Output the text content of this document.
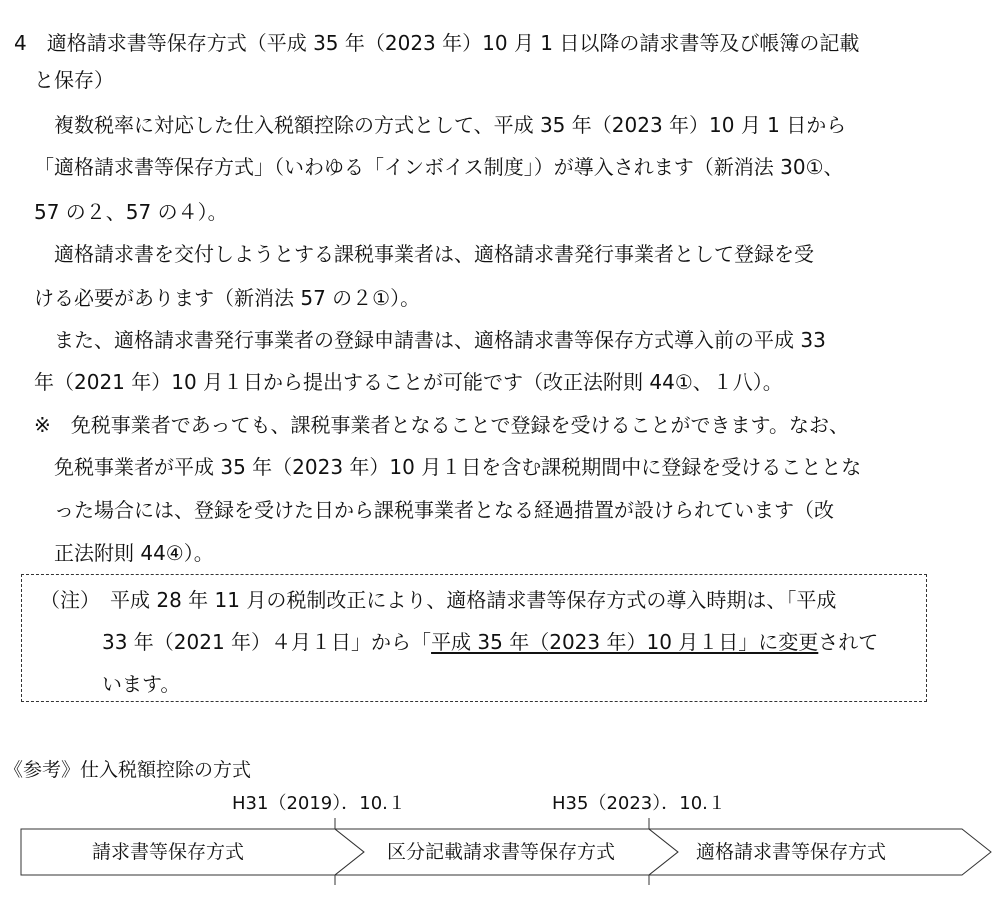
4　適格請求書等保存方式（平成 35 年（2023 年）10 月 1 日以降の請求書等及び帳簿の記載
と保存）
複数税率に対応した仕入税額控除の方式として、平成 35 年（2023 年）10 月 1 日から
「適格請求書等保存方式」（いわゆる「インボイス制度」）が導入されます（新消法 30①、
57 の２、57 の４）。
適格請求書を交付しようとする課税事業者は、適格請求書発行事業者として登録を受
ける必要があります（新消法 57 の２①）。
また、適格請求書発行事業者の登録申請書は、適格請求書等保存方式導入前の平成 33
年（2021 年）10 月１日から提出することが可能です（改正法附則 44①、１八）。
※　免税事業者であっても、課税事業者となることで登録を受けることができます。なお、
免税事業者が平成 35 年（2023 年）10 月１日を含む課税期間中に登録を受けることとな
った場合には、登録を受けた日から課税事業者となる経過措置が設けられています（改
正法附則 44④）。
（注）　平成 28 年 11 月の税制改正により、適格請求書等保存方式の導入時期は、「平成
33 年（2021 年）４月１日」から「平成 35 年（2023 年）10 月１日」に変更されて
います。
《参考》仕入税額控除の方式
H31（2019）．10.１	H35（2023）．10.１
請求書等保存方式	区分記載請求書等保存方式	適格請求書等保存方式
